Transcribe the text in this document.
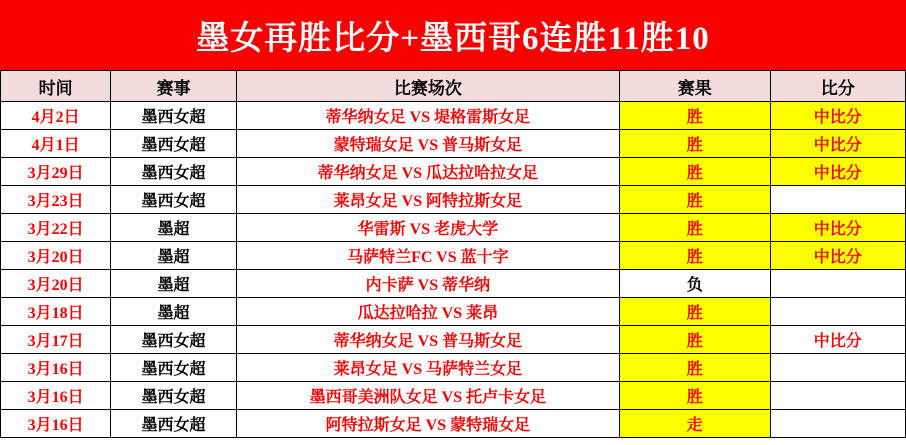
墨女再胜比分+墨西哥6连胜11胜10
时间	赛事	比赛场次	赛果	比分
4月2日	墨西女超	蒂华纳女足 VS 堤格雷斯女足	胜	中比分
4月1日	墨西女超	蒙特瑞女足 VS 普马斯女足	胜	中比分
3月29日	墨西女超	蒂华纳女足 VS 瓜达拉哈拉女足	胜	中比分
3月23日	墨西女超	莱昂女足 VS 阿特拉斯女足	胜	
3月22日	墨超	华雷斯 VS 老虎大学	胜	中比分
3月20日	墨超	马萨特兰FC VS 蓝十字	胜	中比分
3月20日	墨超	内卡萨 VS 蒂华纳	负	
3月18日	墨超	瓜达拉哈拉 VS 莱昂	胜	
3月17日	墨西女超	蒂华纳女足 VS 普马斯女足	胜	中比分
3月16日	墨西女超	莱昂女足 VS 马萨特兰女足	胜	
3月16日	墨西女超	墨西哥美洲队女足 VS 托卢卡女足	胜	
3月16日	墨西女超	阿特拉斯女足 VS 蒙特瑞女足	走	
